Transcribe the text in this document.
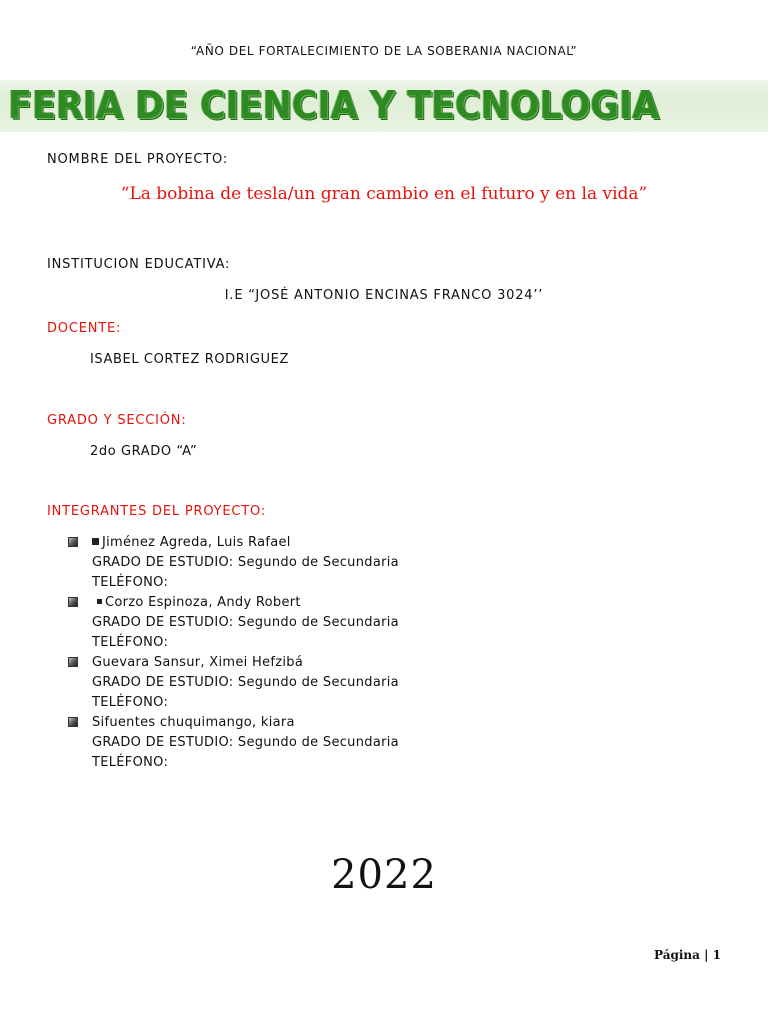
“AÑO DEL FORTALECIMIENTO DE LA SOBERANIA NACIONAL”
FERIA DE CIENCIA Y TECNOLOGIA
NOMBRE DEL PROYECTO:
“La bobina de tesla/un gran cambio en el futuro y en la vida”
INSTITUCION EDUCATIVA:
I.E “JOSÉ ANTONIO ENCINAS FRANCO 3024’’
DOCENTE:
ISABEL CORTEZ RODRIGUEZ
GRADO Y SECCIÓN:
2do GRADO “A”
INTEGRANTES DEL PROYECTO:
Jiménez Agreda, Luis Rafael
GRADO DE ESTUDIO: Segundo de Secundaria
TELÉFONO:
Corzo Espinoza, Andy Robert
GRADO DE ESTUDIO: Segundo de Secundaria
TELÉFONO:
Guevara Sansur, Ximei Hefzibá
GRADO DE ESTUDIO: Segundo de Secundaria
TELÉFONO:
Sifuentes chuquimango, kiara
GRADO DE ESTUDIO: Segundo de Secundaria
TELÉFONO:
2022
Página | 1
